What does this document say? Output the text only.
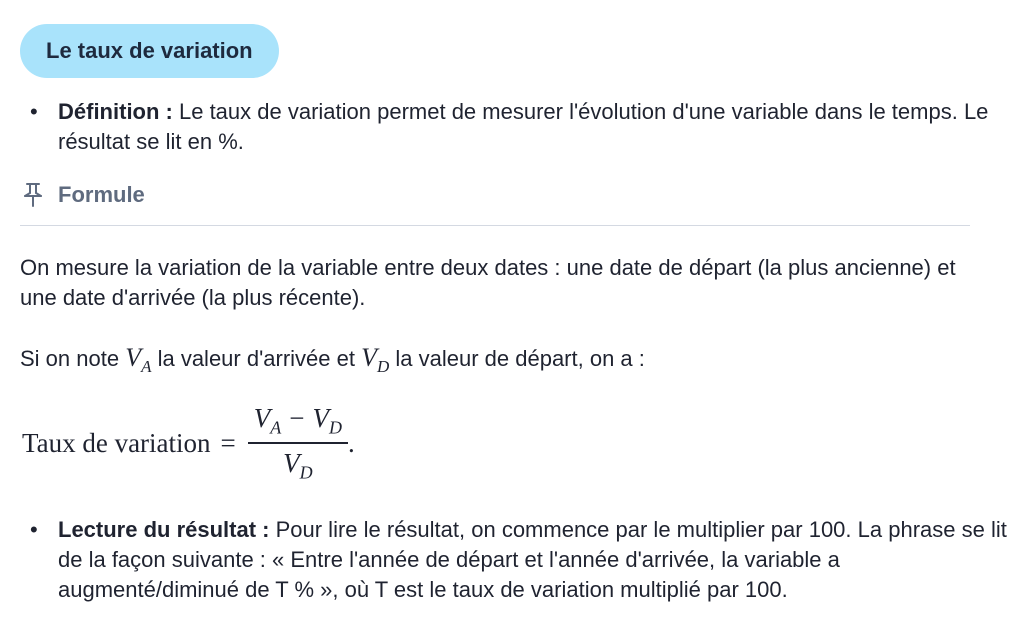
Le taux de variation
• Définition : Le taux de variation permet de mesurer l'évolution d'une variable dans le temps. Le résultat se lit en %.
Formule
On mesure la variation de la variable entre deux dates : une date de départ (la plus ancienne) et une date d'arrivée (la plus récente).
Si on note $V_A$ la valeur d'arrivée et $V_D$ la valeur de départ, on a :
Taux de variation = $\frac{V_A - V_D}{V_D}$ .
• Lecture du résultat : Pour lire le résultat, on commence par le multiplier par 100. La phrase se lit de la façon suivante : « Entre l'année de départ et l'année d'arrivée, la variable a augmenté/diminué de T % », où T est le taux de variation multiplié par 100.
